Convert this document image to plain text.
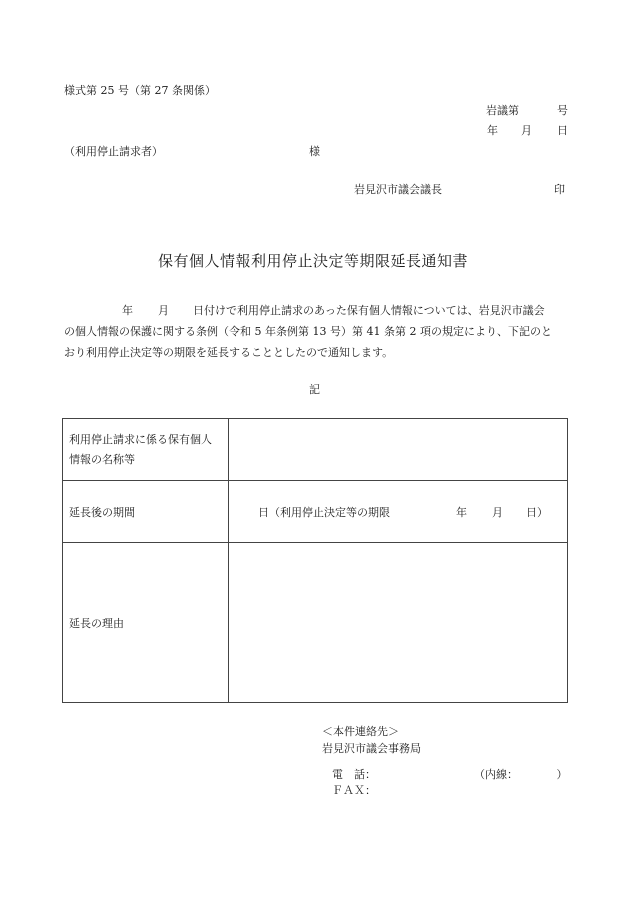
様式第 25 号（第 27 条関係）
岩議第	号
年 月 日
（利用停止請求者）	様
岩見沢市議会議長	印
保有個人情報利用停止決定等期限延長通知書
年 月 日付けで利用停止請求のあった保有個人情報については、岩見沢市議会
の個人情報の保護に関する条例（令和 5 年条例第 13 号）第 41 条第 2 項の規定により、下記のと
おり利用停止決定等の期限を延長することとしたので通知します。
記
利用停止請求に係る保有個人
情報の名称等	

延長後の期間	日（利用停止決定等の期限 年 月 日）

延長の理由	
＜本件連絡先＞
岩見沢市議会事務局
電　話：	（内線：　　　　）
ＦＡＸ：
